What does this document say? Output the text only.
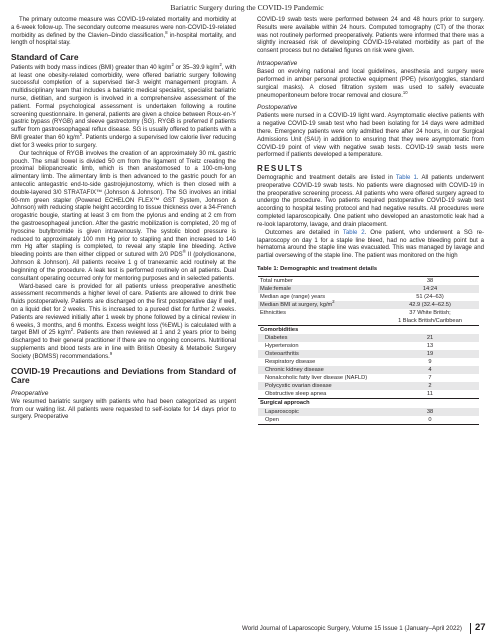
Bariatric Surgery during the COVID-19 Pandemic

The primary outcome measure was COVID-19-related mortality and morbidity at a 6-week follow-up. The secondary outcome measures were non-COVID-19-related morbidity as defined by the Clavien–Dindo classification,$^8$ in-hospital mortality, and length of hospital stay.

Standard of Care

Patients with body mass indices (BMI) greater than 40 $kg/m^2$ or 35–39.9 $kg/m^2$, with at least one obesity-related comorbidity, were offered bariatric surgery following successful completion of a supervised tier-3 weight management program. A multidisciplinary team that includes a bariatric medical specialist, specialist bariatric nurse, dietitian, and surgeon is involved in a comprehensive assessment of the patient. Formal psychological assessment is undertaken following a routine screening questionnaire. In general, patients are given a choice between Roux-en-Y gastric bypass (RYGB) and sleeve gastrectomy (SG). RYGB is preferred if patients suffer from gastroesophageal reflux disease. SG is usually offered to patients with a BMI greater than 60 $kg/m^2$. Patients undergo a supervised low calorie liver reducing diet for 3 weeks prior to surgery.

Our technique of RYGB involves the creation of an approximately 30 mL gastric pouch. The small bowel is divided 50 cm from the ligament of Treitz creating the proximal biliopancreatic limb, which is then anastomosed to a 100-cm-long alimentary limb. The alimentary limb is then advanced to the gastric pouch for an antecolic antegastric end-to-side gastrojejunostomy, which is then closed with a double-layered 3/0 STRATAFIX™ (Johnson & Johnson). The SG involves an initial 60-mm green stapler (Powered ECHELON FLEX™ GST System, Johnson & Johnson) with reducing staple height according to tissue thickness over a 34-French orogastric bougie, starting at least 3 cm from the pylorus and ending at 2 cm from the gastroesophageal junction. After the gastric mobilization is completed, 20 mg of hyoscine butylbromide is given intravenously. The systolic blood pressure is reduced to approximately 100 mm Hg prior to stapling and then increased to 140 mm Hg after stapling is completed, to reveal any staple line bleeding. Active bleeding points are then either clipped or sutured with 2/0 PDS® II (polydioxanone, Johnson & Johnson). All patients receive 1 g of tranexamic acid routinely at the beginning of the procedure. A leak test is performed routinely on all patients. Dual consultant operating occurred only for mentoring purposes and in selected patients.

Ward-based care is provided for all patients unless preoperative anesthetic assessment recommends a higher level of care. Patients are allowed to drink free fluids postoperatively. Patients are discharged on the first postoperative day if well, on a liquid diet for 2 weeks. This is increased to a pureed diet for further 2 weeks. Patients are reviewed initially after 1 week by phone followed by a clinical review in 6 weeks, 3 months, and 6 months. Excess weight loss (%EWL) is calculated with a target BMI of 25 $kg/m^2$. Patients are then reviewed at 1 and 2 years prior to being discharged to their general practitioner if there are no ongoing concerns. Nutritional supplements and blood tests are in line with British Obesity & Metabolic Surgery Society (BOMSS) recommendations.$^9$

COVID-19 Precautions and Deviations from Standard of Care
Preoperative

We resumed bariatric surgery with patients who had been categorized as urgent from our waiting list. All patients were requested to self-isolate for 14 days prior to surgery. Preoperative

COVID-19 swab tests were performed between 24 and 48 hours prior to surgery. Results were available within 24 hours. Computed tomography (CT) of the thorax was not routinely performed preoperatively. Patients were informed that there was a slightly increased risk of developing COVID-19-related morbidity as part of the consent process but no detailed figures on risk were given.

Intraoperative

Based on evolving national and local guidelines, anesthesia and surgery were performed in amber personal protective equipment (PPE) (visor/goggles, standard surgical masks). A closed filtration system was used to safely evacuate pneumoperitoneum before trocar removal and closure.$^{10}$

Postoperative

Patients were nursed in a COVID-19 light ward. Asymptomatic elective patients with a negative COVID-19 swab test who had been isolating for 14 days were admitted there. Emergency patients were only admitted there after 24 hours, in our Surgical Admissions Unit (SAU) in addition to ensuring that they were asymptomatic from COVID-19 point of view with negative swab tests. COVID-19 swab tests were performed if patients developed a temperature.

RESULTS

Demographic and treatment details are listed in Table 1. All patients underwent preoperative COVID-19 swab tests. No patients were diagnosed with COVID-19 in the preoperative screening process. All patients who were offered surgery agreed to undergo the procedure. Two patients required postoperative COVID-19 swab test according to hospital testing protocol and had negative results. All procedures were completed laparoscopically. One patient who developed an anastomotic leak had a re-look laparotomy, lavage, and drain placement.

Outcomes are detailed in Table 2. One patient, who underwent a SG re-laparoscopy on day 1 for a staple line bleed, had no active bleeding point but a hematoma around the staple line was evacuated. This was managed by lavage and partial oversewing of the staple line. The patient was monitored on the high

Table 1: Demographic and treatment details
Total number	38
Male:female	14:24
Median age (range) years	51 (24–63)
Median BMI at surgery, $kg/m^2$	42.9 (32.4–62.5)
Ethnicities	37 White British;
	1 Black British/Caribbean
Comorbidities	
Diabetes	21
Hypertension	13
Osteoarthritis	19
Respiratory disease	9
Chronic kidney disease	4
Nonalcoholic fatty liver disease (NAFLD)	7
Polycystic ovarian disease	2
Obstructive sleep apnea	11
Surgical approach	
Laparoscopic	38
Open	0
World Journal of Laparoscopic Surgery, Volume 15 Issue 1 (January–April 2022) 27
